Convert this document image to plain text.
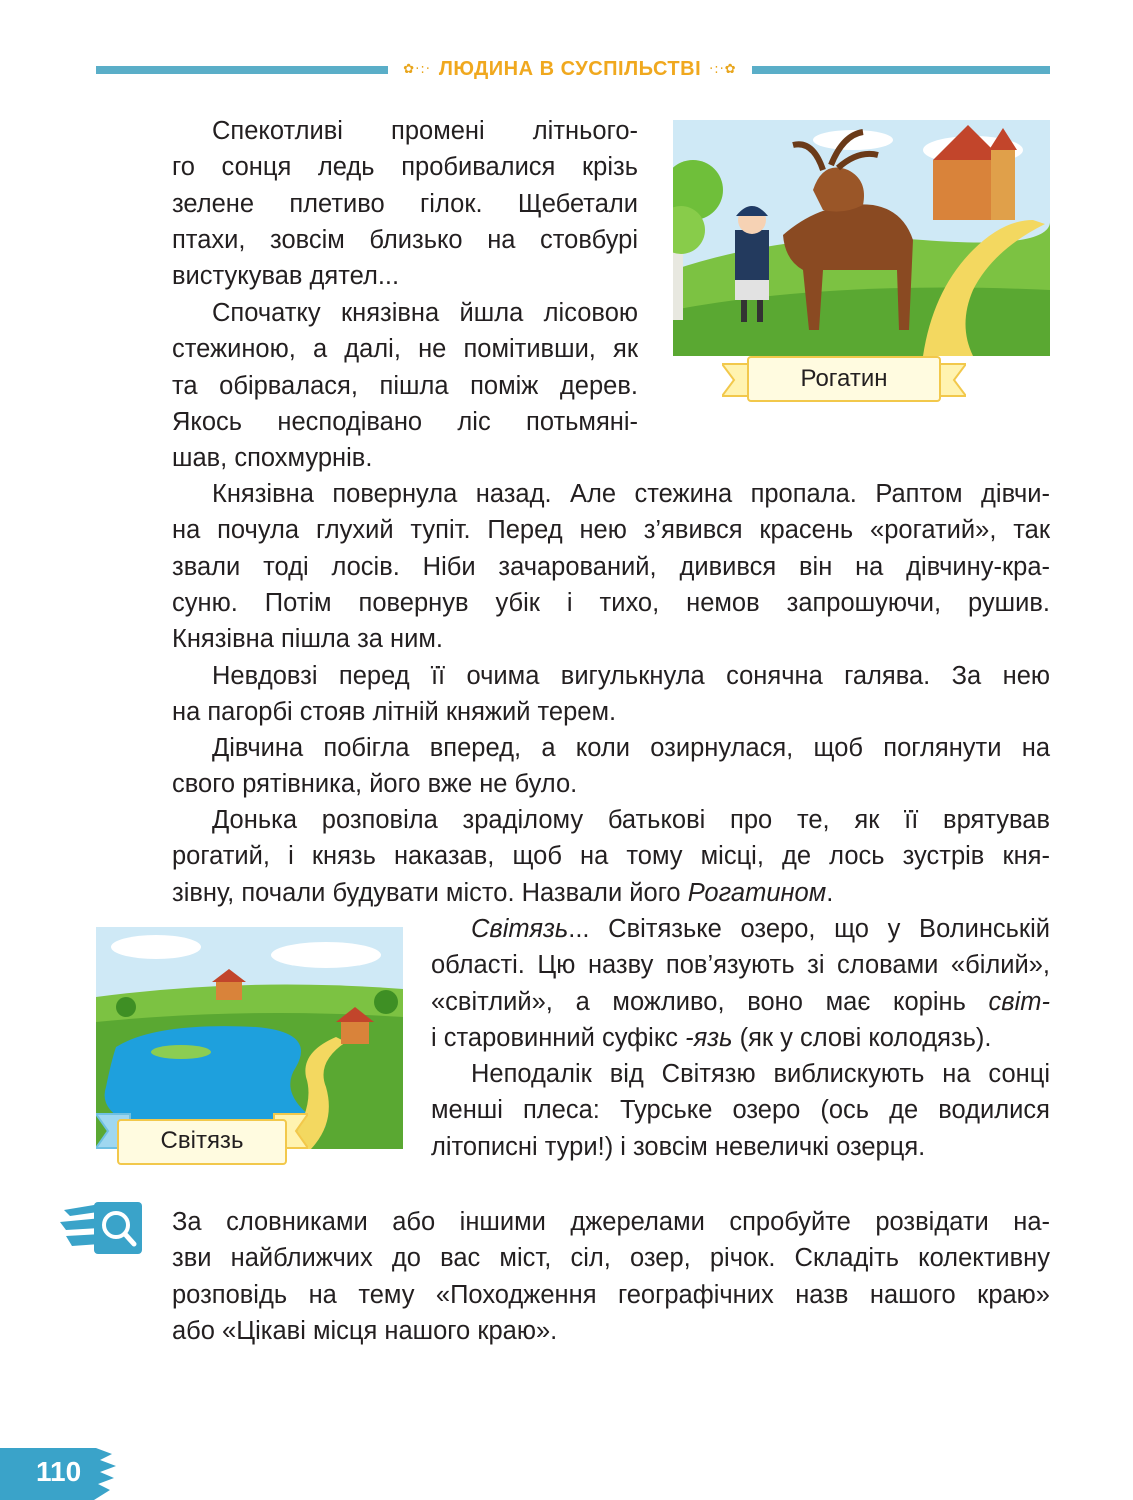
✿·:· ЛЮДИНА В СУСПІЛЬСТВІ ·:·✿
Спекотливі промені літнього-
го сонця ледь пробивалися крізь
зелене плетиво гілок. Щебетали
птахи, зовсім близько на стовбурі
вистукував дятел...
Спочатку князівна йшла лісовою
стежиною, а далі, не помітивши, як
та обірвалася, пішла поміж дерев.
Якось несподівано ліс потьмяні-
шав, спохмурнів.
Рогатин
Князівна повернула назад. Але стежина пропала. Раптом дівчи-
на почула глухий тупіт. Перед нею з’явився красень «рогатий», так
звали тоді лосів. Ніби зачарований, дивився він на дівчину-кра-
суню. Потім повернув убік і тихо, немов запрошуючи, рушив.
Князівна пішла за ним.
Невдовзі перед її очима вигулькнула сонячна галява. За нею
на пагорбі стояв літній княжий терем.
Дівчина побігла вперед, а коли озирнулася, щоб поглянути на
свого рятівника, його вже не було.
Донька розповіла зрадiлому батькові про те, як її врятував
рогатий, і князь наказав, щоб на тому місці, де лось зустрів кня-
зівну, почали будувати місто. Назвали його Рогатином.
Світязь
Світязь... Світязьке озеро, що у Волинській
області. Цю назву пов’язують зі словами «білий»,
«світлий», а можливо, воно має корінь світ-
і старовинний суфікс -язь (як у слові колодязь).
Неподалік від Світязю виблискують на сонці
менші плеса: Турське озеро (ось де водилися
літописні тури!) і зовсім невеличкі озерця.
За словниками або іншими джерелами спробуйте розвідати на-
зви найближчих до вас міст, сіл, озер, річок. Складіть колективну
розповідь на тему «Походження географічних назв нашого краю»
або «Цікаві місця нашого краю».
110
